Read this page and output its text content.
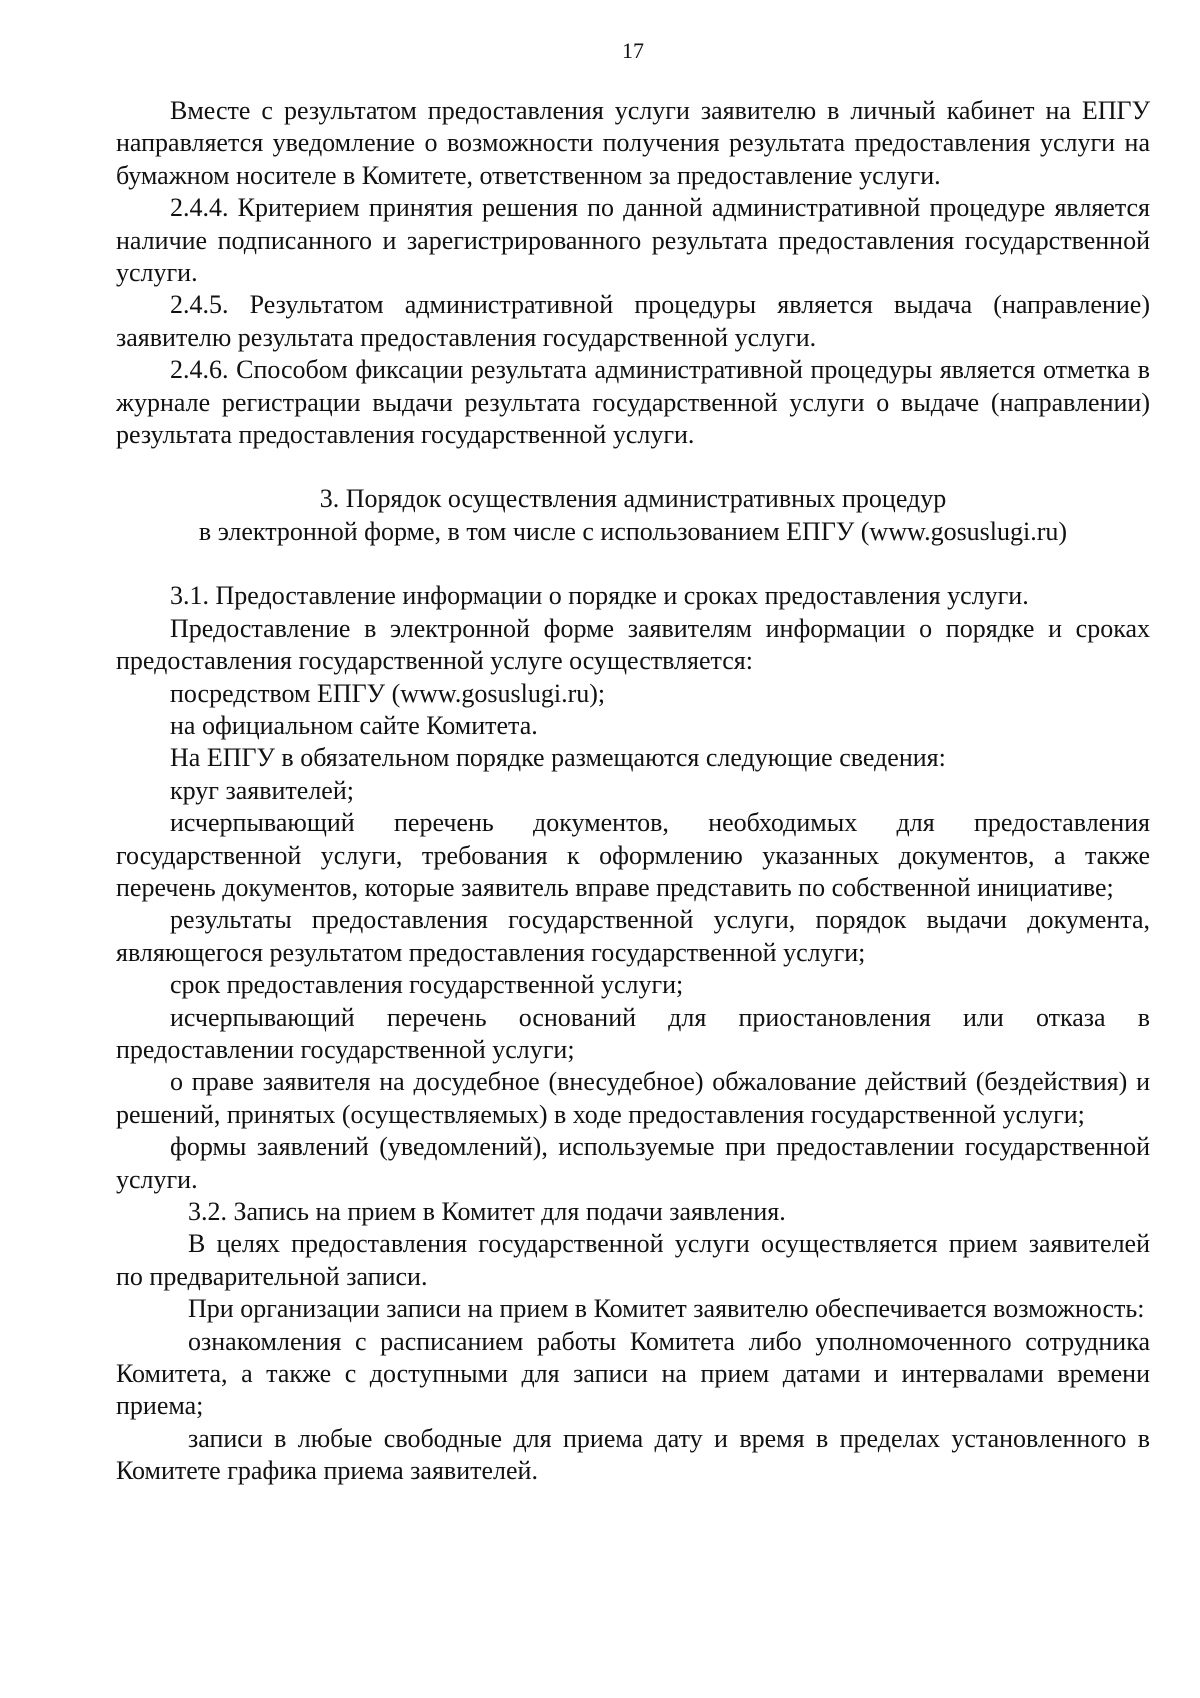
17

Вместе с результатом предоставления услуги заявителю в личный кабинет на ЕПГУ направляется уведомление о возможности получения результата предоставления услуги на бумажном носителе в Комитете, ответственном за предоставление услуги.

2.4.4. Критерием принятия решения по данной административной процедуре является наличие подписанного и зарегистрированного результата предоставления государственной услуги.

2.4.5. Результатом административной процедуры является выдача (направление) заявителю результата предоставления государственной услуги.

2.4.6. Способом фиксации результата административной процедуры является отметка в журнале регистрации выдачи результата государственной услуги о выдаче (направлении) результата предоставления государственной услуги.

3. Порядок осуществления административных процедур
в электронной форме, в том числе с использованием ЕПГУ (www.gosuslugi.ru)

3.1. Предоставление информации о порядке и сроках предоставления услуги.

Предоставление в электронной форме заявителям информации о порядке и сроках предоставления государственной услуге осуществляется:

посредством ЕПГУ (www.gosuslugi.ru);

на официальном сайте Комитета.

На ЕПГУ в обязательном порядке размещаются следующие сведения:

круг заявителей;

исчерпывающий перечень документов, необходимых для предоставления государственной услуги, требования к оформлению указанных документов, а также перечень документов, которые заявитель вправе представить по собственной инициативе;

результаты предоставления государственной услуги, порядок выдачи документа, являющегося результатом предоставления государственной услуги;

срок предоставления государственной услуги;

исчерпывающий перечень оснований для приостановления или отказа в предоставлении государственной услуги;

о праве заявителя на досудебное (внесудебное) обжалование действий (бездействия) и решений, принятых (осуществляемых) в ходе предоставления государственной услуги;

формы заявлений (уведомлений), используемые при предоставлении государственной услуги.

3.2. Запись на прием в Комитет для подачи заявления.

В целях предоставления государственной услуги осуществляется прием заявителей по предварительной записи.

При организации записи на прием в Комитет заявителю обеспечивается возможность:

ознакомления с расписанием работы Комитета либо уполномоченного сотрудника Комитета, а также с доступными для записи на прием датами и интервалами времени приема;

записи в любые свободные для приема дату и время в пределах установленного в Комитете графика приема заявителей.
